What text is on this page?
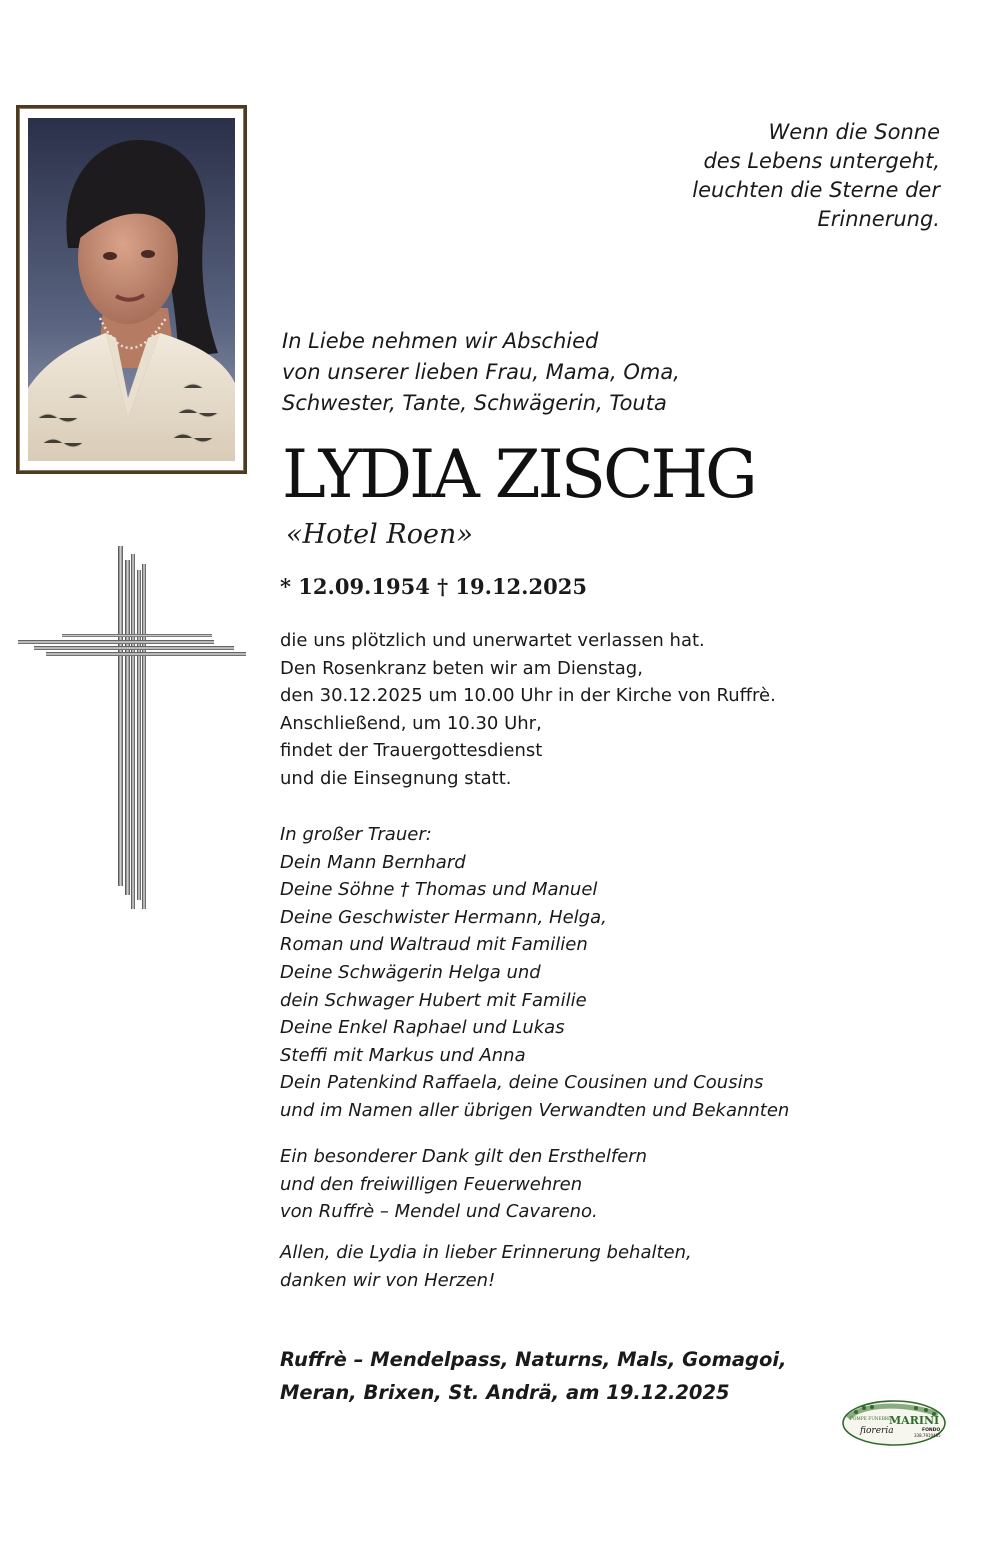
Wenn die Sonne
des Lebens untergeht,
leuchten die Sterne der
Erinnerung.
In Liebe nehmen wir Abschied
von unserer lieben Frau, Mama, Oma,
Schwester, Tante, Schwägerin, Touta
LYDIA ZISCHG
«Hotel Roen»
* 12.09.1954 † 19.12.2025
die uns plötzlich und unerwartet verlassen hat.
Den Rosenkranz beten wir am Dienstag,
den 30.12.2025 um 10.00 Uhr in der Kirche von Ruffrè.
Anschließend, um 10.30 Uhr,
findet der Trauergottesdienst
und die Einsegnung statt.
In großer Trauer:
Dein Mann Bernhard
Deine Söhne † Thomas und Manuel
Deine Geschwister Hermann, Helga,
Roman und Waltraud mit Familien
Deine Schwägerin Helga und
dein Schwager Hubert mit Familie
Deine Enkel Raphael und Lukas
Steffi mit Markus und Anna
Dein Patenkind Raffaela, deine Cousinen und Cousins
und im Namen aller übrigen Verwandten und Bekannten
Ein besonderer Dank gilt den Ersthelfern
und den freiwilligen Feuerwehren
von Ruffrè – Mendel und Cavareno.
Allen, die Lydia in lieber Erinnerung behalten,
danken wir von Herzen!
Ruffrè – Mendelpass, Naturns, Mals, Gomagoi,
Meran, Brixen, St. Andrä, am 19.12.2025
POMPE FUNEBRI MARINI
fioreria	FONDO
338.7910485
